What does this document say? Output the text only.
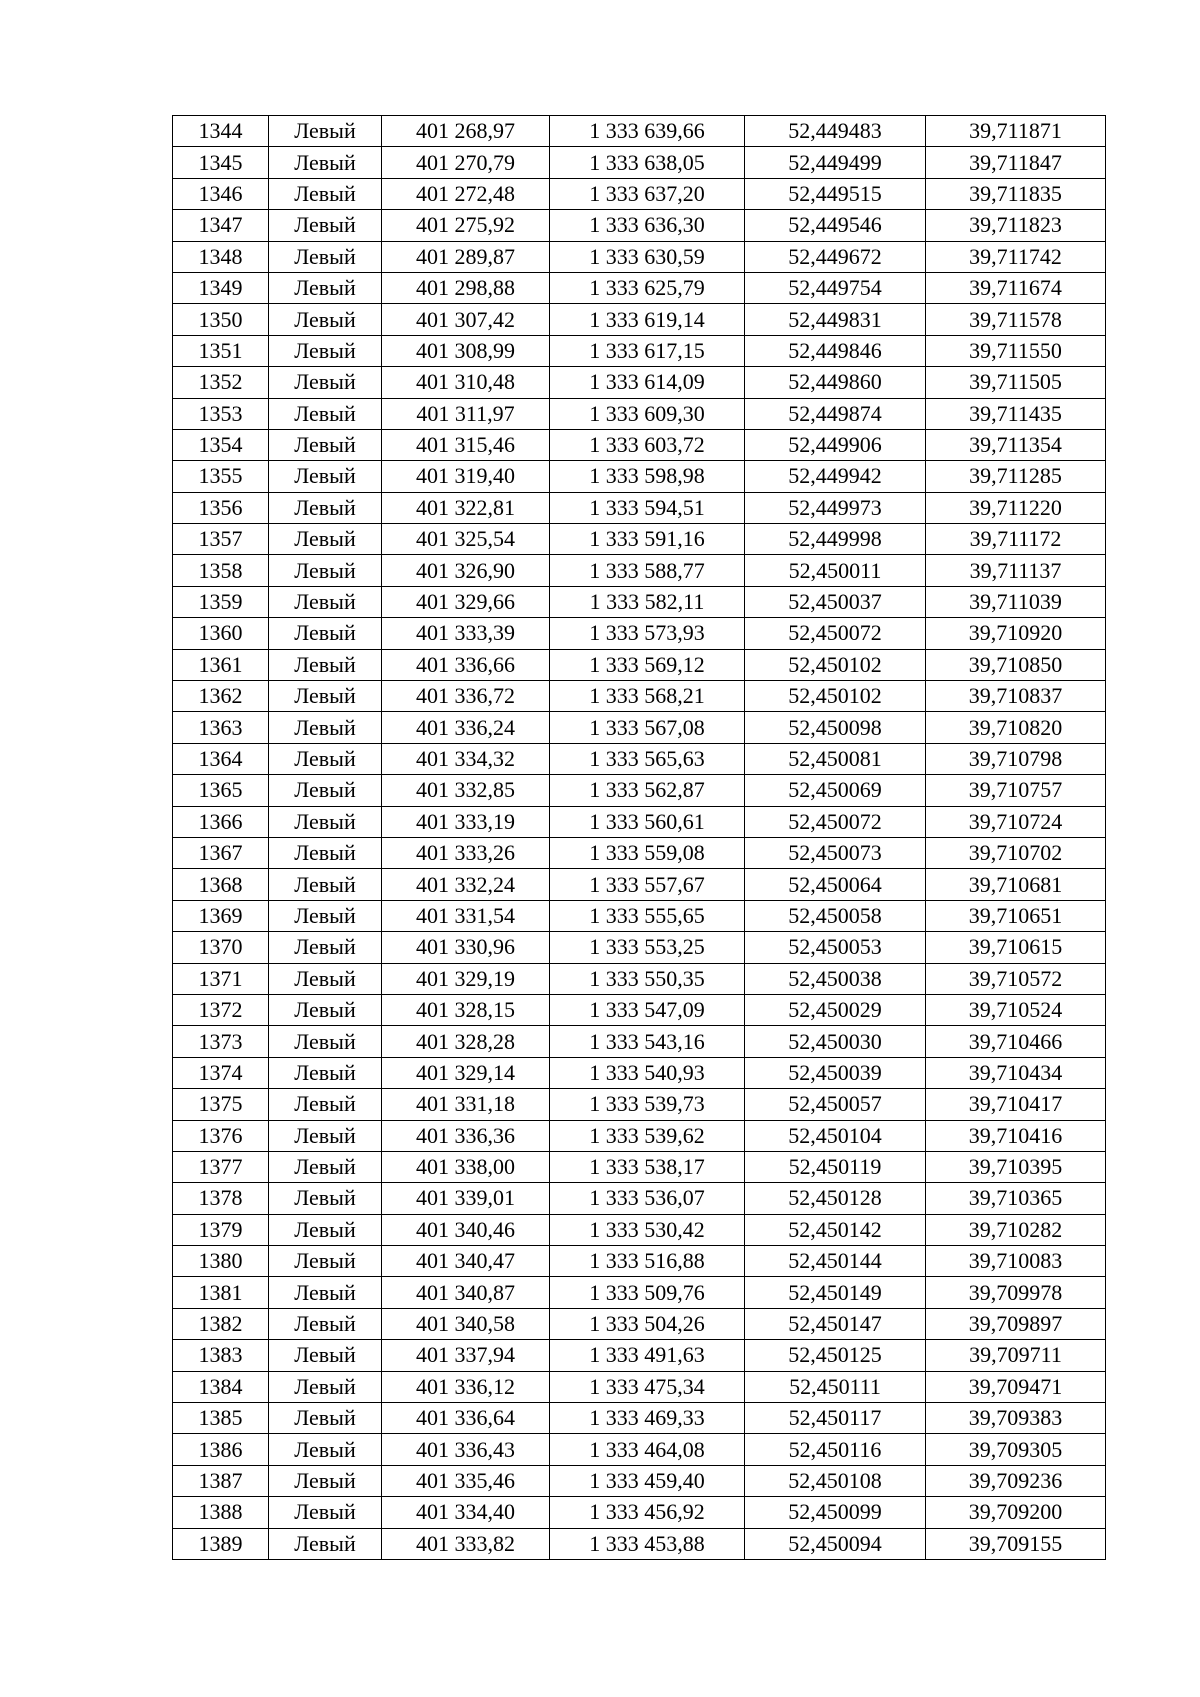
1344	Левый	401 268,97	1 333 639,66	52,449483	39,711871
1345	Левый	401 270,79	1 333 638,05	52,449499	39,711847
1346	Левый	401 272,48	1 333 637,20	52,449515	39,711835
1347	Левый	401 275,92	1 333 636,30	52,449546	39,711823
1348	Левый	401 289,87	1 333 630,59	52,449672	39,711742
1349	Левый	401 298,88	1 333 625,79	52,449754	39,711674
1350	Левый	401 307,42	1 333 619,14	52,449831	39,711578
1351	Левый	401 308,99	1 333 617,15	52,449846	39,711550
1352	Левый	401 310,48	1 333 614,09	52,449860	39,711505
1353	Левый	401 311,97	1 333 609,30	52,449874	39,711435
1354	Левый	401 315,46	1 333 603,72	52,449906	39,711354
1355	Левый	401 319,40	1 333 598,98	52,449942	39,711285
1356	Левый	401 322,81	1 333 594,51	52,449973	39,711220
1357	Левый	401 325,54	1 333 591,16	52,449998	39,711172
1358	Левый	401 326,90	1 333 588,77	52,450011	39,711137
1359	Левый	401 329,66	1 333 582,11	52,450037	39,711039
1360	Левый	401 333,39	1 333 573,93	52,450072	39,710920
1361	Левый	401 336,66	1 333 569,12	52,450102	39,710850
1362	Левый	401 336,72	1 333 568,21	52,450102	39,710837
1363	Левый	401 336,24	1 333 567,08	52,450098	39,710820
1364	Левый	401 334,32	1 333 565,63	52,450081	39,710798
1365	Левый	401 332,85	1 333 562,87	52,450069	39,710757
1366	Левый	401 333,19	1 333 560,61	52,450072	39,710724
1367	Левый	401 333,26	1 333 559,08	52,450073	39,710702
1368	Левый	401 332,24	1 333 557,67	52,450064	39,710681
1369	Левый	401 331,54	1 333 555,65	52,450058	39,710651
1370	Левый	401 330,96	1 333 553,25	52,450053	39,710615
1371	Левый	401 329,19	1 333 550,35	52,450038	39,710572
1372	Левый	401 328,15	1 333 547,09	52,450029	39,710524
1373	Левый	401 328,28	1 333 543,16	52,450030	39,710466
1374	Левый	401 329,14	1 333 540,93	52,450039	39,710434
1375	Левый	401 331,18	1 333 539,73	52,450057	39,710417
1376	Левый	401 336,36	1 333 539,62	52,450104	39,710416
1377	Левый	401 338,00	1 333 538,17	52,450119	39,710395
1378	Левый	401 339,01	1 333 536,07	52,450128	39,710365
1379	Левый	401 340,46	1 333 530,42	52,450142	39,710282
1380	Левый	401 340,47	1 333 516,88	52,450144	39,710083
1381	Левый	401 340,87	1 333 509,76	52,450149	39,709978
1382	Левый	401 340,58	1 333 504,26	52,450147	39,709897
1383	Левый	401 337,94	1 333 491,63	52,450125	39,709711
1384	Левый	401 336,12	1 333 475,34	52,450111	39,709471
1385	Левый	401 336,64	1 333 469,33	52,450117	39,709383
1386	Левый	401 336,43	1 333 464,08	52,450116	39,709305
1387	Левый	401 335,46	1 333 459,40	52,450108	39,709236
1388	Левый	401 334,40	1 333 456,92	52,450099	39,709200
1389	Левый	401 333,82	1 333 453,88	52,450094	39,709155
